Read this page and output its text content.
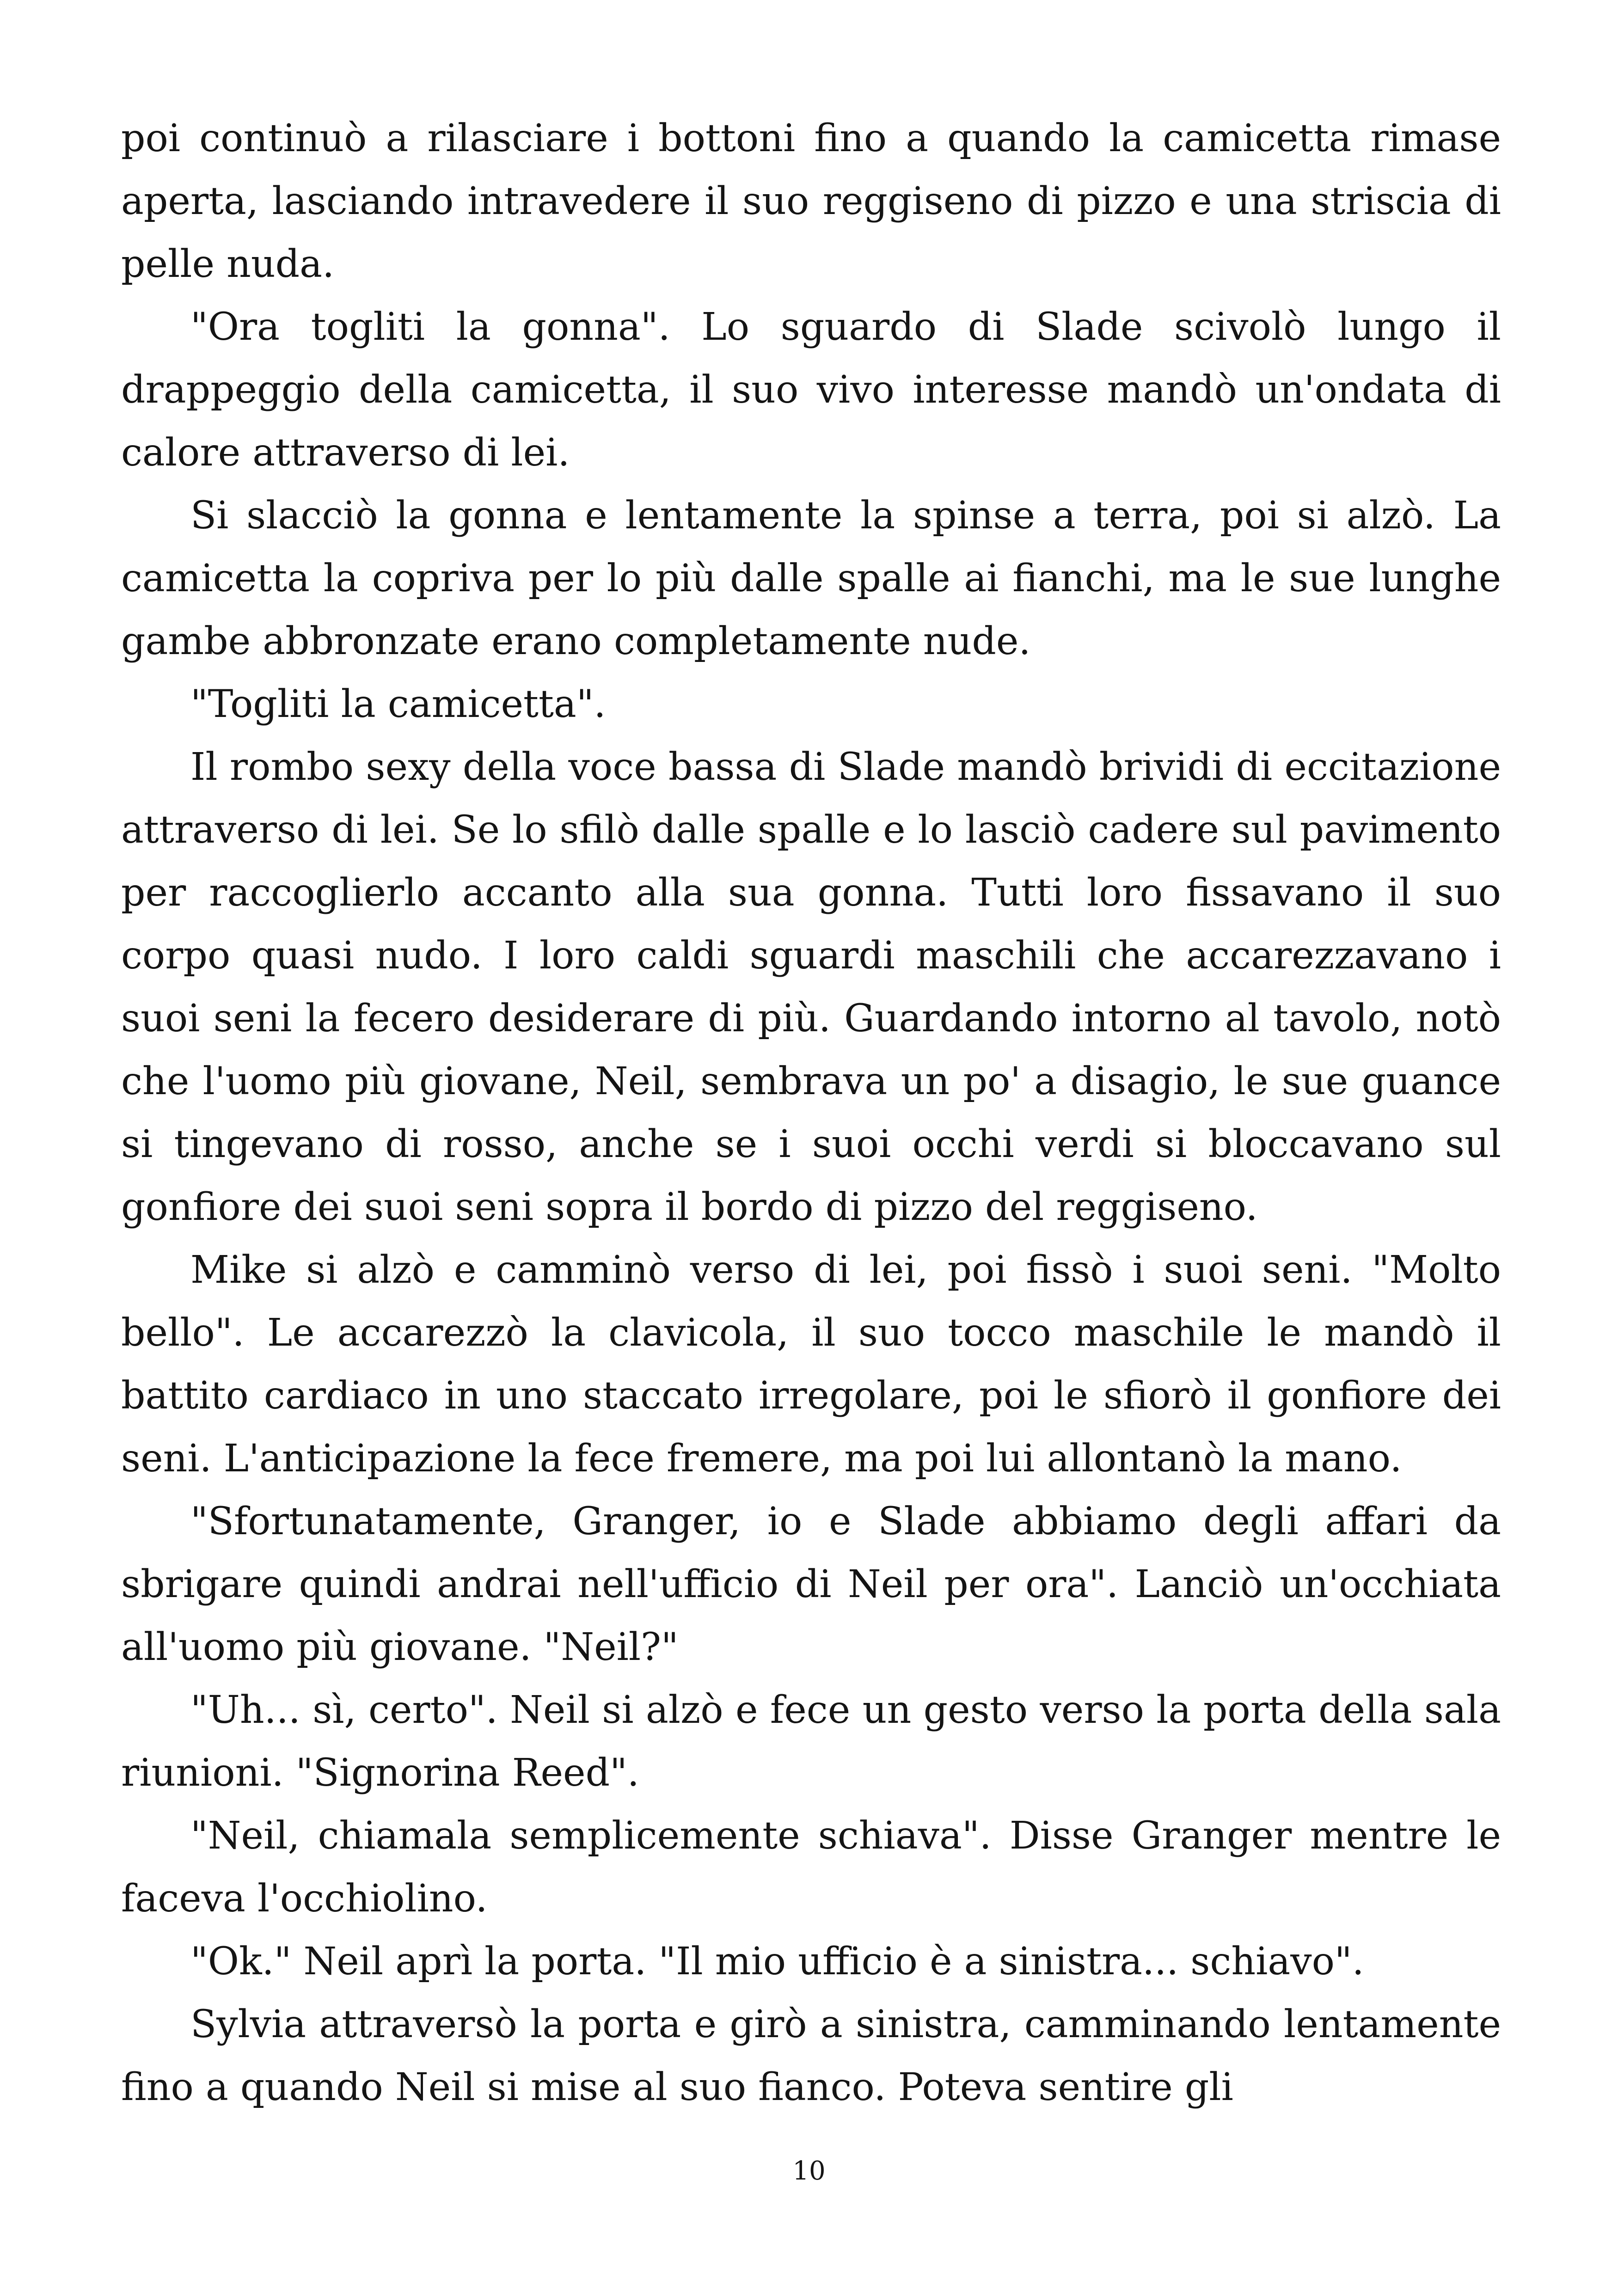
poi continuò a rilasciare i bottoni fino a quando la camicetta rimase aperta, lasciando intravedere il suo reggiseno di pizzo e una striscia di pelle nuda.

"Ora togliti la gonna". Lo sguardo di Slade scivolò lungo il drappeggio della camicetta, il suo vivo interesse mandò un'ondata di calore attraverso di lei.

Si slacciò la gonna e lentamente la spinse a terra, poi si alzò. La camicetta la copriva per lo più dalle spalle ai fianchi, ma le sue lunghe gambe abbronzate erano completamente nude.

"Togliti la camicetta".

Il rombo sexy della voce bassa di Slade mandò brividi di eccitazione attraverso di lei. Se lo sfilò dalle spalle e lo lasciò cadere sul pavimento per raccoglierlo accanto alla sua gonna. Tutti loro fissavano il suo corpo quasi nudo. I loro caldi sguardi maschili che accarezzavano i suoi seni la fecero desiderare di più. Guardando intorno al tavolo, notò che l'uomo più giovane, Neil, sembrava un po' a disagio, le sue guance si tingevano di rosso, anche se i suoi occhi verdi si bloccavano sul gonfiore dei suoi seni sopra il bordo di pizzo del reggiseno.

Mike si alzò e camminò verso di lei, poi fissò i suoi seni. "Molto bello". Le accarezzò la clavicola, il suo tocco maschile le mandò il battito cardiaco in uno staccato irregolare, poi le sfiorò il gonfiore dei seni. L'anticipazione la fece fremere, ma poi lui allontanò la mano.

"Sfortunatamente, Granger, io e Slade abbiamo degli affari da sbrigare quindi andrai nell'ufficio di Neil per ora". Lanciò un'occhiata all'uomo più giovane. "Neil?"

"Uh... sì, certo". Neil si alzò e fece un gesto verso la porta della sala riunioni. "Signorina Reed".

"Neil, chiamala semplicemente schiava". Disse Granger mentre le faceva l'occhiolino.

"Ok." Neil aprì la porta. "Il mio ufficio è a sinistra... schiavo".

Sylvia attraversò la porta e girò a sinistra, camminando lentamente fino a quando Neil si mise al suo fianco. Poteva sentire gli

10
